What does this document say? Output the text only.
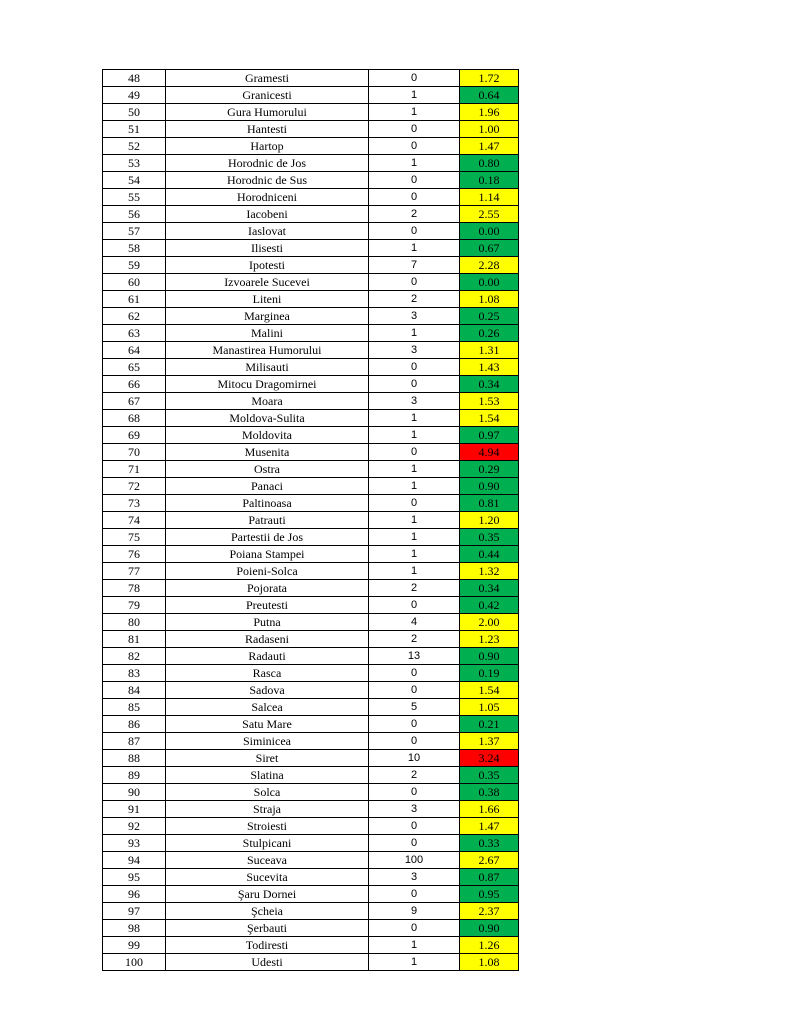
48	Gramesti	0	1.72
49	Granicesti	1	0.64
50	Gura Humorului	1	1.96
51	Hantesti	0	1.00
52	Hartop	0	1.47
53	Horodnic de Jos	1	0.80
54	Horodnic de Sus	0	0.18
55	Horodniceni	0	1.14
56	Iacobeni	2	2.55
57	Iaslovat	0	0.00
58	Ilisesti	1	0.67
59	Ipotesti	7	2.28
60	Izvoarele Sucevei	0	0.00
61	Liteni	2	1.08
62	Marginea	3	0.25
63	Malini	1	0.26
64	Manastirea Humorului	3	1.31
65	Milisauti	0	1.43
66	Mitocu Dragomirnei	0	0.34
67	Moara	3	1.53
68	Moldova-Sulita	1	1.54
69	Moldovita	1	0.97
70	Musenita	0	4.94
71	Ostra	1	0.29
72	Panaci	1	0.90
73	Paltinoasa	0	0.81
74	Patrauti	1	1.20
75	Partestii de Jos	1	0.35
76	Poiana Stampei	1	0.44
77	Poieni-Solca	1	1.32
78	Pojorata	2	0.34
79	Preutesti	0	0.42
80	Putna	4	2.00
81	Radaseni	2	1.23
82	Radauti	13	0.90
83	Rasca	0	0.19
84	Sadova	0	1.54
85	Salcea	5	1.05
86	Satu Mare	0	0.21
87	Siminicea	0	1.37
88	Siret	10	3.24
89	Slatina	2	0.35
90	Solca	0	0.38
91	Straja	3	1.66
92	Stroiesti	0	1.47
93	Stulpicani	0	0.33
94	Suceava	100	2.67
95	Sucevita	3	0.87
96	Şaru Dornei	0	0.95
97	Şcheia	9	2.37
98	Şerbauti	0	0.90
99	Todiresti	1	1.26
100	Udesti	1	1.08
